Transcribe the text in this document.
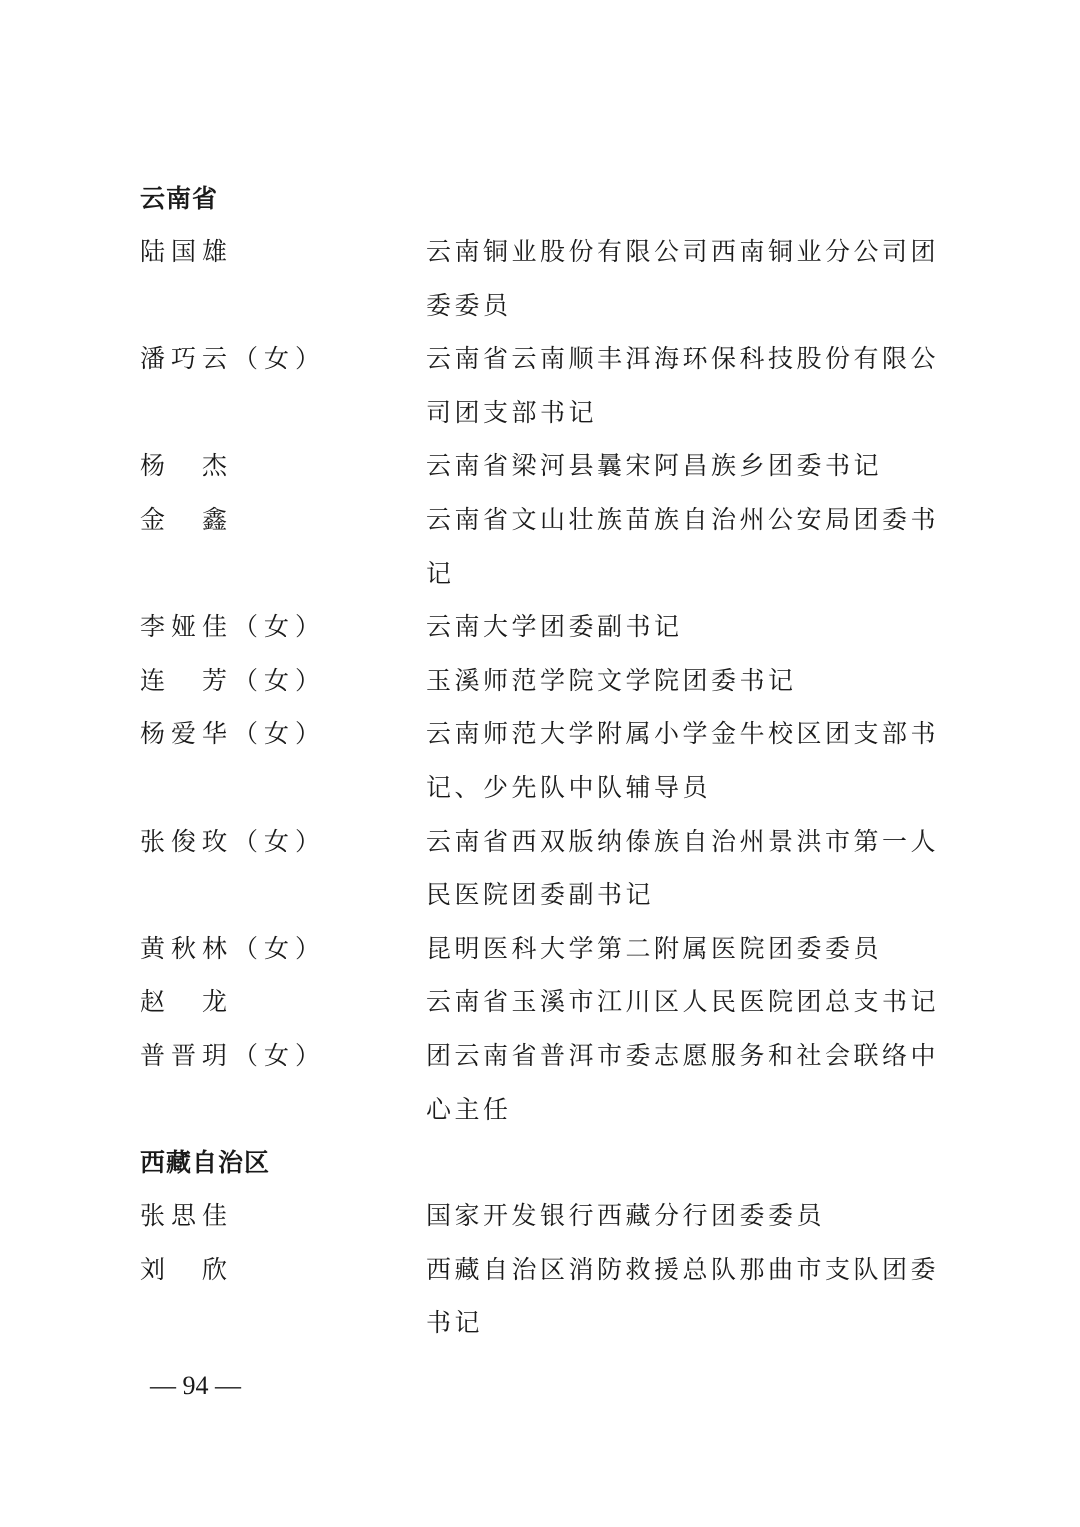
云南省
陆国雄	云南铜业股份有限公司西南铜业分公司团委委员
潘巧云（女）	云南省云南顺丰洱海环保科技股份有限公司团支部书记
杨　杰	云南省梁河县曩宋阿昌族乡团委书记
金　鑫	云南省文山壮族苗族自治州公安局团委书记
李娅佳（女）	云南大学团委副书记
连　芳（女）	玉溪师范学院文学院团委书记
杨爱华（女）	云南师范大学附属小学金牛校区团支部书记、少先队中队辅导员
张俊玫（女）	云南省西双版纳傣族自治州景洪市第一人民医院团委副书记
黄秋林（女）	昆明医科大学第二附属医院团委委员
赵　龙	云南省玉溪市江川区人民医院团总支书记
普晋玥（女）	团云南省普洱市委志愿服务和社会联络中心主任
西藏自治区
张思佳	国家开发银行西藏分行团委委员
刘　欣	西藏自治区消防救援总队那曲市支队团委书记
— 94 —
